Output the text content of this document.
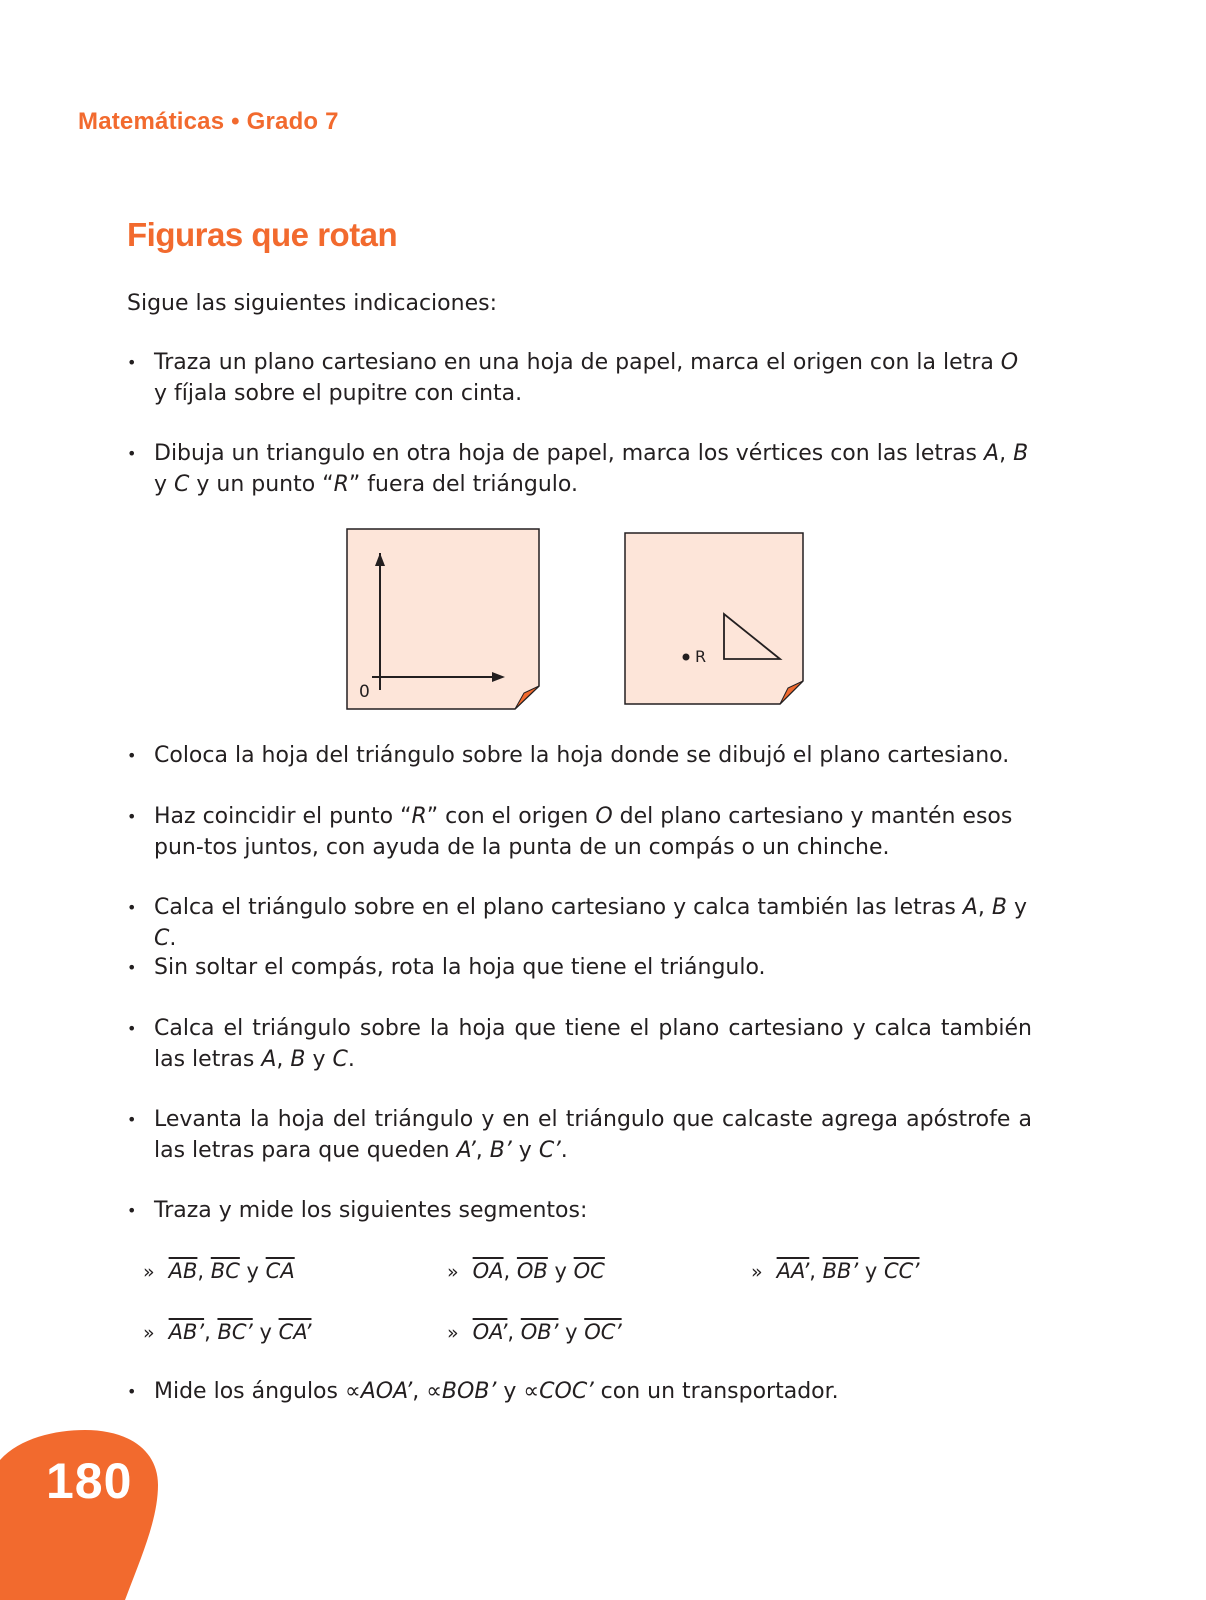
Matemáticas • Grado 7
Figuras que rotan
Sigue las siguientes indicaciones:
• Traza un plano cartesiano en una hoja de papel, marca el origen con la letra O y fíjala sobre el pupitre con cinta.
• Dibuja un triangulo en otra hoja de papel, marca los vértices con las letras A, B y C y un punto “R” fuera del triángulo.
0
R
• Coloca la hoja del triángulo sobre la hoja donde se dibujó el plano cartesiano.
• Haz coincidir el punto “R” con el origen O del plano cartesiano y mantén esos pun-tos juntos, con ayuda de la punta de un compás o un chinche.
• Calca el triángulo sobre en el plano cartesiano y calca también las letras A, B y C.
• Sin soltar el compás, rota la hoja que tiene el triángulo.
• Calca el triángulo sobre la hoja que tiene el plano cartesiano y calca también las letras A, B y C.
• Levanta la hoja del triángulo y en el triángulo que calcaste agrega apóstrofe a las letras para que queden A’, B’ y C’.
• Traza y mide los siguientes segmentos:
» $\overline{AB}$, $\overline{BC}$ y $\overline{CA}$	» $\overline{OA}$, $\overline{OB}$ y $\overline{OC}$	» AA’, BB’ y CC’
» AB’, BC’ y CA’	» OA’, OB’ y OC’
• Mide los ángulos ∝AOA’, ∝BOB’ y ∝COC’ con un transportador.
180
